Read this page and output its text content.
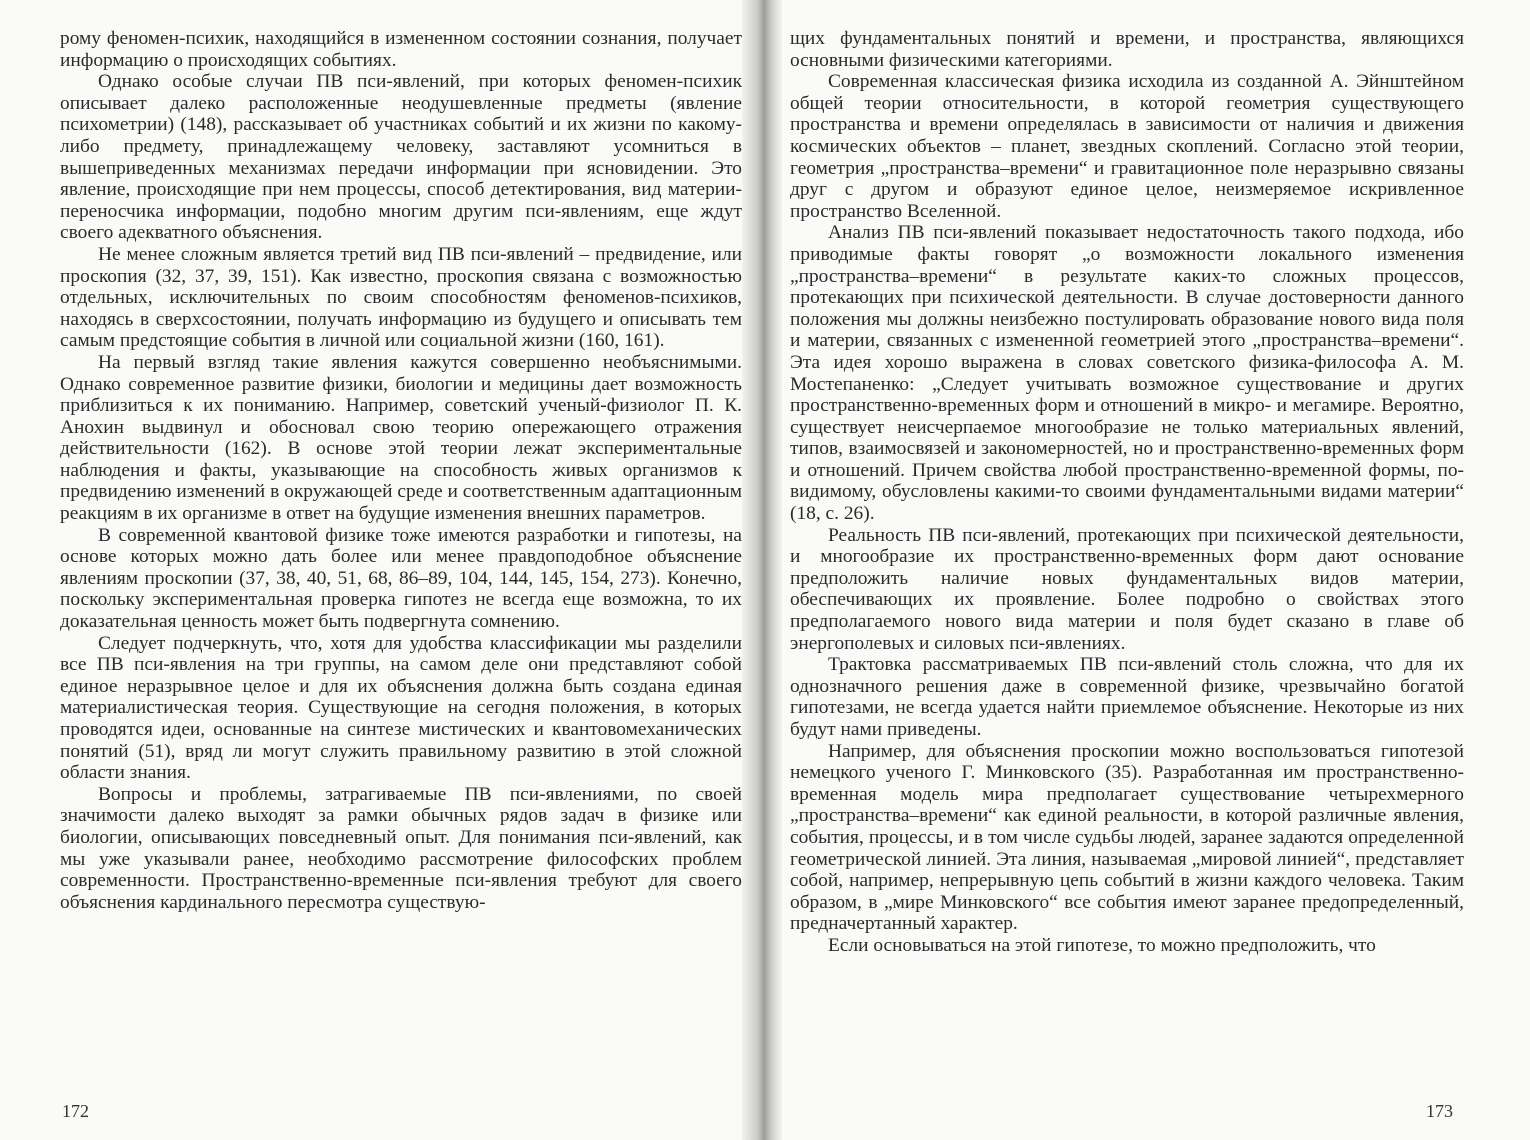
рому феномен-психик, находящийся в измененном состоянии сознания, получает информацию о происходящих событиях.

Однако особые случаи ПВ пси-явлений, при которых феномен-психик описывает далеко расположенные неодушевленные предметы (явление психометрии) (148), рассказывает об участниках событий и их жизни по какому-либо предмету, принадлежащему человеку, заставляют усомниться в вышеприведенных механизмах передачи информации при ясновидении. Это явление, происходящие при нем процессы, способ детектирования, вид материи-переносчика информации, подобно многим другим пси-явлениям, еще ждут своего адекватного объяснения.

Не менее сложным является третий вид ПВ пси-явлений – предвидение, или проскопия (32, 37, 39, 151). Как известно, проскопия связана с возможностью отдельных, исключительных по своим способностям феноменов-психиков, находясь в сверхсостоянии, получать информацию из будущего и описывать тем самым предстоящие события в личной или социальной жизни (160, 161).

На первый взгляд такие явления кажутся совершенно необъяснимыми. Однако современное развитие физики, биологии и медицины дает возможность приблизиться к их пониманию. Например, советский ученый-физиолог П. К. Анохин выдвинул и обосновал свою теорию опережающего отражения действительности (162). В основе этой теории лежат экспериментальные наблюдения и факты, указывающие на способность живых организмов к предвидению изменений в окружающей среде и соответственным адаптационным реакциям в их организме в ответ на будущие изменения внешних параметров.

В современной квантовой физике тоже имеются разработки и гипотезы, на основе которых можно дать более или менее правдоподобное объяснение явлениям проскопии (37, 38, 40, 51, 68, 86–89, 104, 144, 145, 154, 273). Конечно, поскольку экспериментальная проверка гипотез не всегда еще возможна, то их доказательная ценность может быть подвергнута сомнению.

Следует подчеркнуть, что, хотя для удобства классификации мы разделили все ПВ пси-явления на три группы, на самом деле они представляют собой единое неразрывное целое и для их объяснения должна быть создана единая материалистическая теория. Существующие на сегодня положения, в которых проводятся идеи, основанные на синтезе мистических и квантовомеханических понятий (51), вряд ли могут служить правильному развитию в этой сложной области знания.

Вопросы и проблемы, затрагиваемые ПВ пси-явлениями, по своей значимости далеко выходят за рамки обычных рядов задач в физике или биологии, описывающих повседневный опыт. Для понимания пси-явлений, как мы уже указывали ранее, необходимо рассмотрение философских проблем современности. Пространственно-временные пси-явления требуют для своего объяснения кардинального пересмотра существую-

172

щих фундаментальных понятий и времени, и пространства, являющихся основными физическими категориями.

Современная классическая физика исходила из созданной А. Эйнштейном общей теории относительности, в которой геометрия существующего пространства и времени определялась в зависимости от наличия и движения космических объектов – планет, звездных скоплений. Согласно этой теории, геометрия „пространства–времени“ и гравитационное поле неразрывно связаны друг с другом и образуют единое целое, неизмеряемое искривленное пространство Вселенной.

Анализ ПВ пси-явлений показывает недостаточность такого подхода, ибо приводимые факты говорят „о возможности локального изменения „пространства–времени“ в результате каких-то сложных процессов, протекающих при психической деятельности. В случае достоверности данного положения мы должны неизбежно постулировать образование нового вида поля и материи, связанных с измененной геометрией этого „пространства–времени“. Эта идея хорошо выражена в словах советского физика-философа А. М. Мостепаненко: „Следует учитывать возможное существование и других пространственно-временных форм и отношений в микро- и мегамире. Вероятно, существует неисчерпаемое многообразие не только материальных явлений, типов, взаимосвязей и закономерностей, но и пространственно-временных форм и отношений. Причем свойства любой пространственно-временной формы, по-видимому, обусловлены какими-то своими фундаментальными видами материи“ (18, с. 26).

Реальность ПВ пси-явлений, протекающих при психической деятельности, и многообразие их пространственно-временных форм дают основание предположить наличие новых фундаментальных видов материи, обеспечивающих их проявление. Более подробно о свойствах этого предполагаемого нового вида материи и поля будет сказано в главе об энергополевых и силовых пси-явлениях.

Трактовка рассматриваемых ПВ пси-явлений столь сложна, что для их однозначного решения даже в современной физике, чрезвычайно богатой гипотезами, не всегда удается найти приемлемое объяснение. Некоторые из них будут нами приведены.

Например, для объяснения проскопии можно воспользоваться гипотезой немецкого ученого Г. Минковского (35). Разработанная им пространственно-временная модель мира предполагает существование четырехмерного „пространства–времени“ как единой реальности, в которой различные явления, события, процессы, и в том числе судьбы людей, заранее задаются определенной геометрической линией. Эта линия, называемая „мировой линией“, представляет собой, например, непрерывную цепь событий в жизни каждого человека. Таким образом, в „мире Минковского“ все события имеют заранее предопределенный, предначертанный характер.

Если основываться на этой гипотезе, то можно предположить, что

173
